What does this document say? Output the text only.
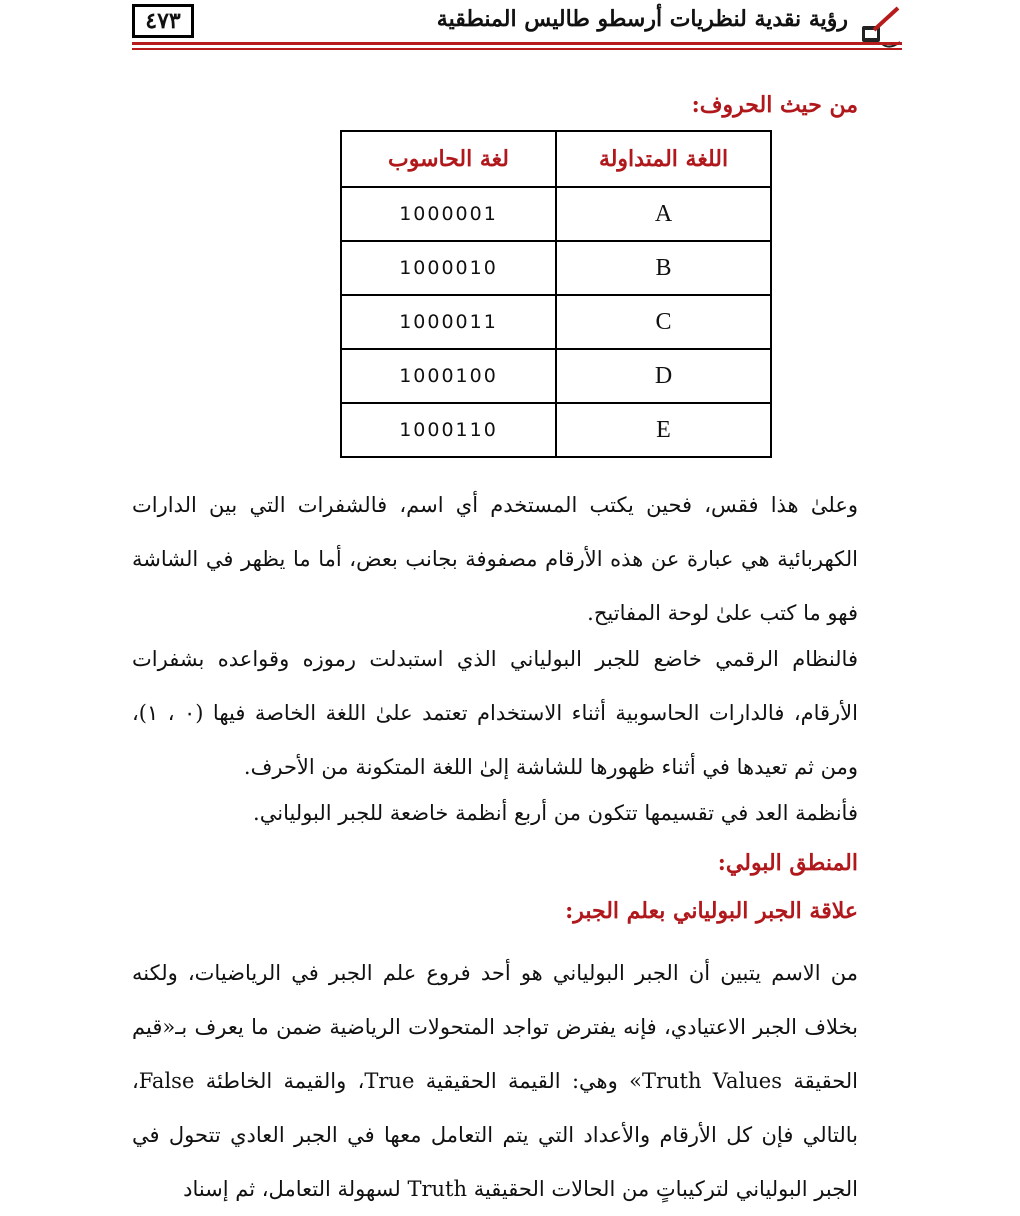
٤٧٣	رؤية نقدية لنظريات أرسطو طاليس المنطقية
من حيث الحروف:
اللغة المتداولة	لغة الحاسوب
A	1000001
B	1000010
C	1000011
D	1000100
E	1000110
وعلىٰ هذا فقس، فحين يكتب المستخدم أي اسم، فالشفرات التي بين الدارات الكهربائية هي عبارة عن هذه الأرقام مصفوفة بجانب بعض، أما ما يظهر في الشاشة فهو ما كتب علىٰ لوحة المفاتيح.
فالنظام الرقمي خاضع للجبر البولياني الذي استبدلت رموزه وقواعده بشفرات الأرقام، فالدارات الحاسوبية أثناء الاستخدام تعتمد علىٰ اللغة الخاصة فيها (٠ ، ١)، ومن ثم تعيدها في أثناء ظهورها للشاشة إلىٰ اللغة المتكونة من الأحرف.
فأنظمة العد في تقسيمها تتكون من أربع أنظمة خاضعة للجبر البولياني.
المنطق البولي:
علاقة الجبر البولياني بعلم الجبر:
من الاسم يتبين أن الجبر البولياني هو أحد فروع علم الجبر في الرياضيات، ولكنه بخلاف الجبر الاعتيادي، فإنه يفترض تواجد المتحولات الرياضية ضمن ما يعرف بـ«قيم الحقيقة Truth Values» وهي: القيمة الحقيقية True، والقيمة الخاطئة False، بالتالي فإن كل الأرقام والأعداد التي يتم التعامل معها في الجبر العادي تتحول في الجبر البولياني لتركيباتٍ من الحالات الحقيقية Truth لسهولة التعامل، ثم إسناد
